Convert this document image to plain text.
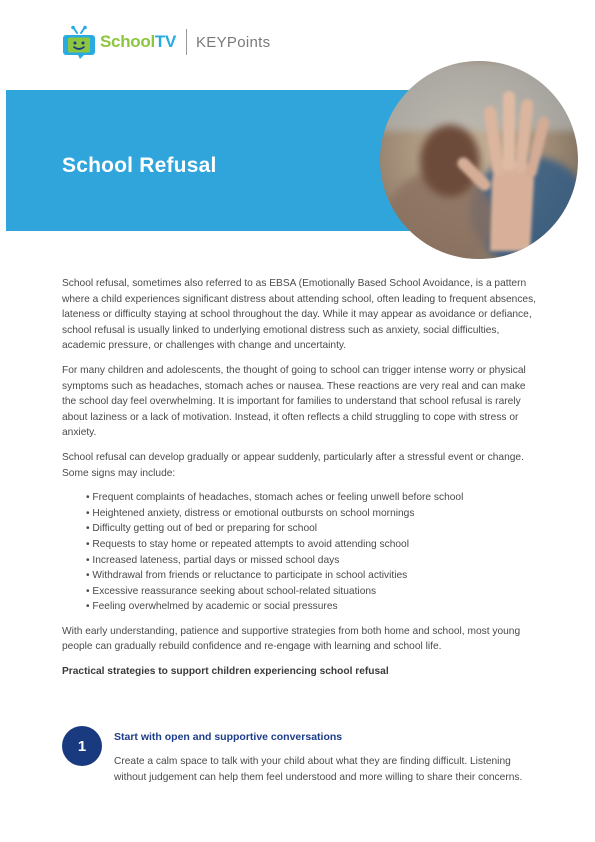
SchoolTV KEYPoints
School Refusal

School refusal, sometimes also referred to as EBSA (Emotionally Based School Avoidance, is a pattern where a child experiences significant distress about attending school, often leading to frequent absences, lateness or difficulty staying at school throughout the day. While it may appear as avoidance or defiance, school refusal is usually linked to underlying emotional distress such as anxiety, social difficulties, academic pressure, or challenges with change and uncertainty.

For many children and adolescents, the thought of going to school can trigger intense worry or physical symptoms such as headaches, stomach aches or nausea. These reactions are very real and can make the school day feel overwhelming. It is important for families to understand that school refusal is rarely about laziness or a lack of motivation. Instead, it often reflects a child struggling to cope with stress or anxiety.

School refusal can develop gradually or appear suddenly, particularly after a stressful event or change. Some signs may include:

• Frequent complaints of headaches, stomach aches or feeling unwell before school
• Heightened anxiety, distress or emotional outbursts on school mornings
• Difficulty getting out of bed or preparing for school
• Requests to stay home or repeated attempts to avoid attending school
• Increased lateness, partial days or missed school days
• Withdrawal from friends or reluctance to participate in school activities
• Excessive reassurance seeking about school-related situations
• Feeling overwhelmed by academic or social pressures

With early understanding, patience and supportive strategies from both home and school, most young people can gradually rebuild confidence and re-engage with learning and school life.

Practical strategies to support children experiencing school refusal

1
Start with open and supportive conversations
Create a calm space to talk with your child about what they are finding difficult. Listening without judgement can help them feel understood and more willing to share their concerns.
